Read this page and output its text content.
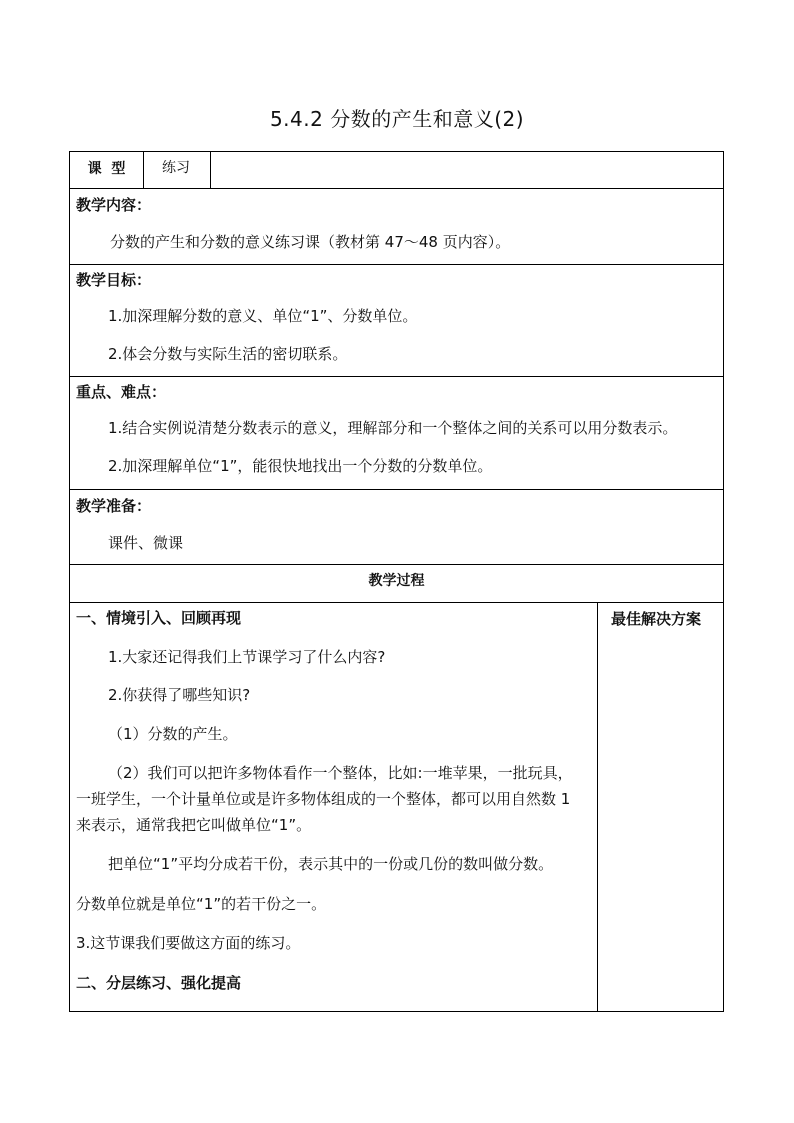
5.4.2 分数的产生和意义(2)
课  型	练习
教学内容：
分数的产生和分数的意义练习课（教材第 47～48 页内容）。
教学目标：
1.加深理解分数的意义、单位“1”、分数单位。
2.体会分数与实际生活的密切联系。
重点、难点：
1.结合实例说清楚分数表示的意义，理解部分和一个整体之间的关系可以用分数表示。
2.加深理解单位“1”，能很快地找出一个分数的分数单位。
教学准备：
课件、微课
教学过程
一、情境引入、回顾再现
1.大家还记得我们上节课学习了什么内容?
2.你获得了哪些知识?
（1）分数的产生。
（2）我们可以把许多物体看作一个整体，比如:一堆苹果，一批玩具，
一班学生，一个计量单位或是许多物体组成的一个整体，都可以用自然数 1
来表示，通常我把它叫做单位“1”。
把单位“1”平均分成若干份，表示其中的一份或几份的数叫做分数。
分数单位就是单位“1”的若干份之一。
3.这节课我们要做这方面的练习。
二、分层练习、强化提高
最佳解决方案
